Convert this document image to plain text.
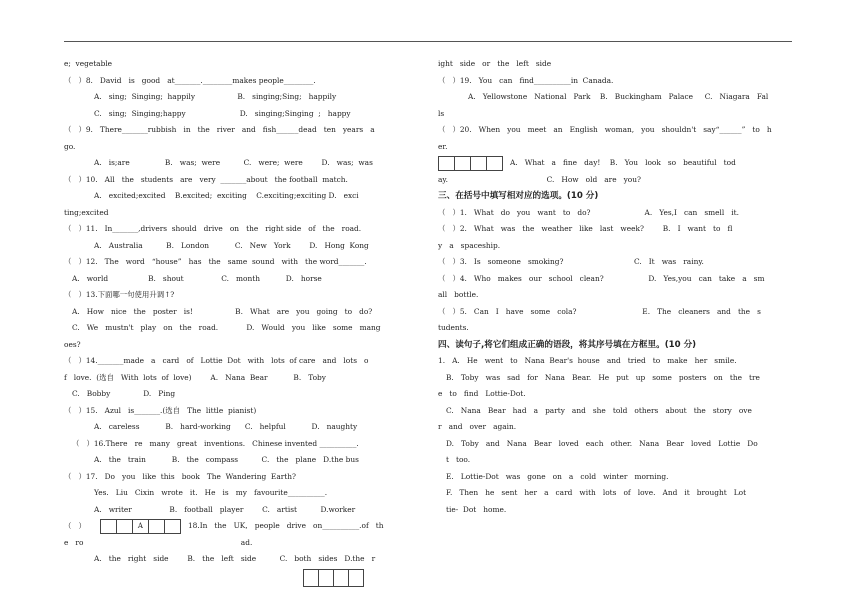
e;  vegetable
（   ）8.   David   is   good   at_______.________makes people________.
A.   sing;  Singing;  happily                  B.   singing;Sing;   happily
C.   sing;  Singing;happy                       D.   singing;Singing  ;   happy
（   ）9.   There_______rubbish   in   the   river   and   fish______dead   ten   years   a
go.
A.   is;are               B.   was;  were          C.   were;  were        D.   was;  was
（   ）10.   All   the   students   are   very  _______about   the football  match.
A.   excited;excited    B.excited;  exciting    C.exciting;exciting D.   exci
ting;excited
（   ）11.   In_______,drivers  should   drive   on   the   right side   of   the   road.
A.   Australia          B.   London           C.   New   York        D.   Hong  Kong
（   ）12.   The   word   “house”   has   the   same  sound   with   the word_______.
A.   world                 B.   shout                C.   month           D.   horse
（   ）13.下面哪一句使用升调↑?
A.   How   nice   the   poster   is!                  B.   What   are   you   going   to   do?
C.   We   mustn't   play   on   the   road.            D.   Would   you   like   some   mang
oes?
（   ）14._______made   a   card   of   Lottie  Dot   with   lots  of care   and   lots   o
f   love.  (选自   With  lots  of  love)        A.   Nana  Bear           B.   Toby
C.   Bobby              D.   Ping
（   ）15.   Azul   is_______.(选自   The  little  pianist)
A.   careless           B.   hard-working      C.   helpful           D.   naughty
（   ）16.There   re   many   great   inventions.   Chinese invented __________.
A.   the   train           B.   the   compass          C.   the   plane   D.the bus
（   ）17.   Do   you   like  this   book   The  Wandering  Earth?
Yes.   Liu   Cixin   wrote   it.   He   is   my   favourite__________.
A.   writer                B.   football   player        C.   artist          D.worker
（   ）	A	18.In   the   UK,   people   drive   on__________.of   th
e   ro                                                                   ad.
A.   the   right   side        B.   the   left   side          C.   both   sides   D.the   r
ight   side   or   the   left   side
（   ）19.   You   can   find__________in  Canada.
A.   Yellowstone   National   Park    B.   Buckingham   Palace     C.   Niagara   Fal
ls
（   ）20.   When   you   meet   an   English   woman,   you   shouldn't   say“______”   to   h
er.
A.   What   a   fine   day!    B.   You   look   so   beautiful   tod
ay.                                          C.   How   old   are   you?
三、在括号中填写相对应的选项。(10 分)
（   ）1.   What   do   you   want   to   do?                       A.   Yes,I   can   smell   it.
（   ）2.   What   was   the   weather   like   last   week?        B.   I   want   to   fl
y   a   spaceship.
（   ）3.   Is   someone   smoking?                              C.   It   was   rainy.
（   ）4.   Who   makes   our   school   clean?                   D.   Yes,you   can   take   a   sm
all   bottle.
（   ）5.   Can   I   have   some   cola?                            E.   The   cleaners   and   the   s
tudents.
四、读句子,将它们组成正确的语段，将其序号填在方框里。(10 分)
1.   A.   He   went   to   Nana  Bear's  house   and   tried   to   make   her   smile.
B.   Toby   was   sad   for   Nana   Bear.   He   put   up   some   posters   on   the   tre
e   to   find   Lottie-Dot.
C.   Nana   Bear   had   a   party   and   she   told   others   about   the   story   ove
r   and   over   again.
D.   Toby   and   Nana   Bear   loved   each   other.   Nana   Bear   loved   Lottie   Do
t   too.
E.   Lottie-Dot   was   gone   on   a   cold   winter   morning.
F.   Then   he   sent   her   a   card   with   lots   of   love.   And   it   brought   Lot
tie-  Dot   home.
